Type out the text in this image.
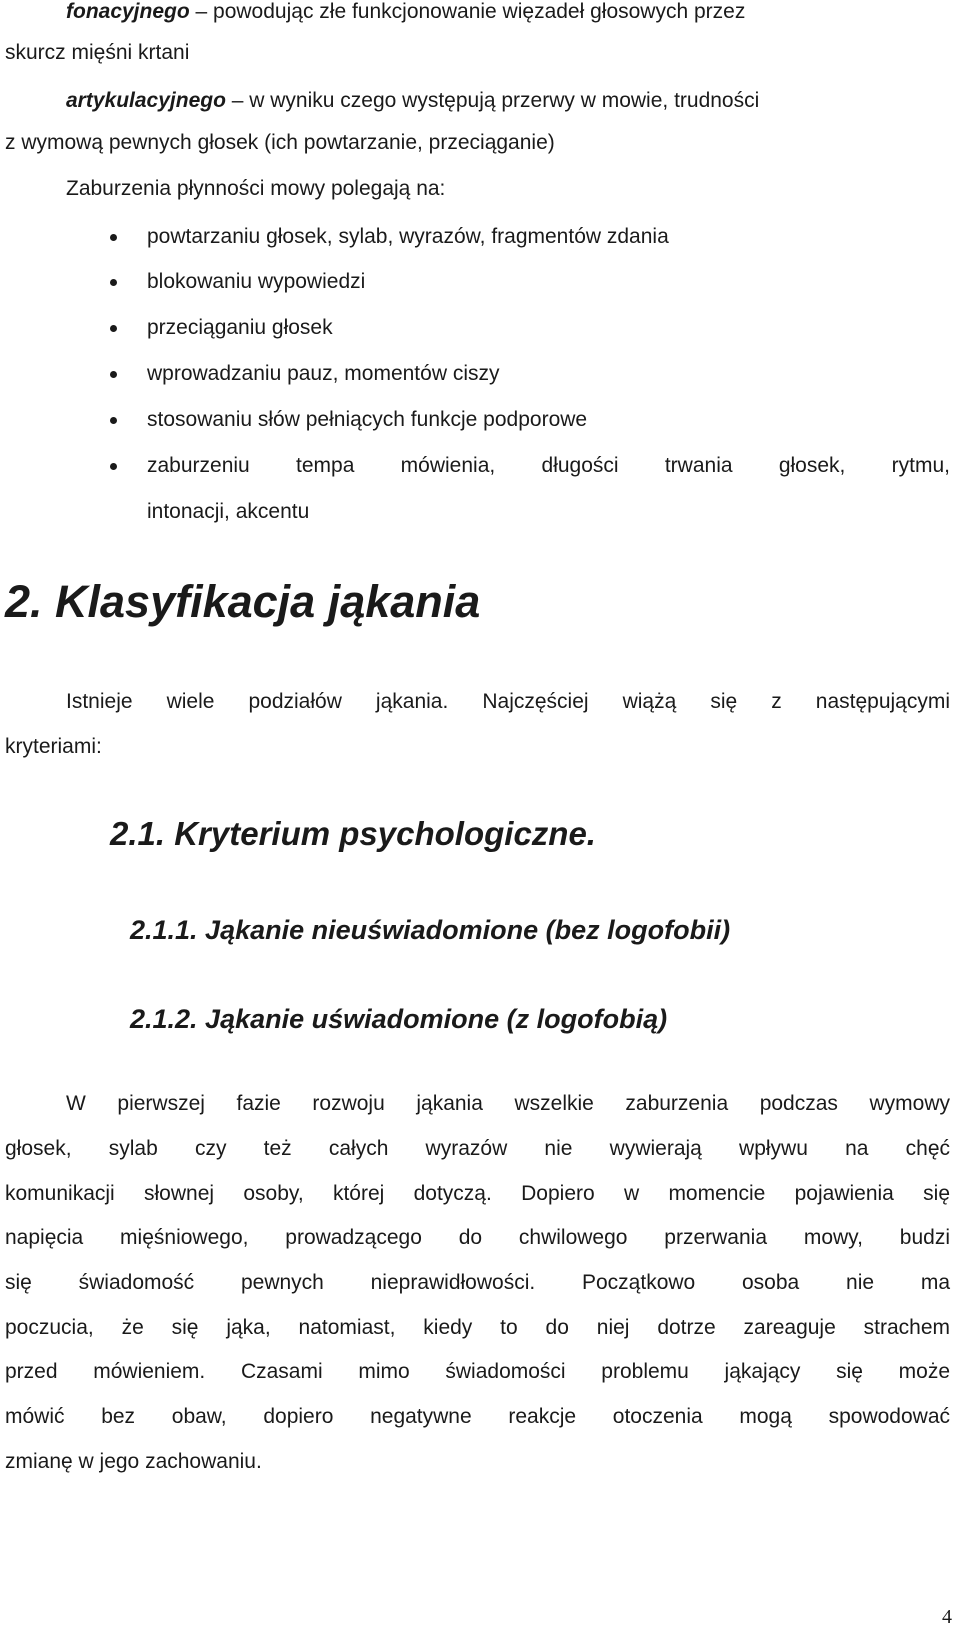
fonacyjnego – powodując złe funkcjonowanie więzadeł głosowych przez
skurcz mięśni krtani
artykulacyjnego – w wyniku czego występują przerwy w mowie, trudności
z wymową pewnych głosek (ich powtarzanie, przeciąganie)
Zaburzenia płynności mowy polegają na:
powtarzaniu głosek, sylab, wyrazów, fragmentów zdania
blokowaniu wypowiedzi
przeciąganiu głosek
wprowadzaniu pauz, momentów ciszy
stosowaniu słów pełniących funkcje podporowe
zaburzeniu tempa mówienia, długości trwania głosek, rytmu,
intonacji, akcentu
2. Klasyfikacja jąkania
Istnieje wiele podziałów jąkania. Najczęściej wiążą się z następującymi
kryteriami:
2.1. Kryterium psychologiczne.
2.1.1. Jąkanie nieuświadomione (bez logofobii)
2.1.2. Jąkanie uświadomione (z logofobią)
W pierwszej fazie rozwoju jąkania wszelkie zaburzenia podczas wymowy
głosek, sylab czy też całych wyrazów nie wywierają wpływu na chęć
komunikacji słownej osoby, której dotyczą. Dopiero w momencie pojawienia się
napięcia mięśniowego, prowadzącego do chwilowego przerwania mowy, budzi
się świadomość pewnych nieprawidłowości. Początkowo osoba nie ma
poczucia, że się jąka, natomiast, kiedy to do niej dotrze zareaguje strachem
przed mówieniem. Czasami mimo świadomości problemu jąkający się może
mówić bez obaw, dopiero negatywne reakcje otoczenia mogą spowodować
zmianę w jego zachowaniu.
4
